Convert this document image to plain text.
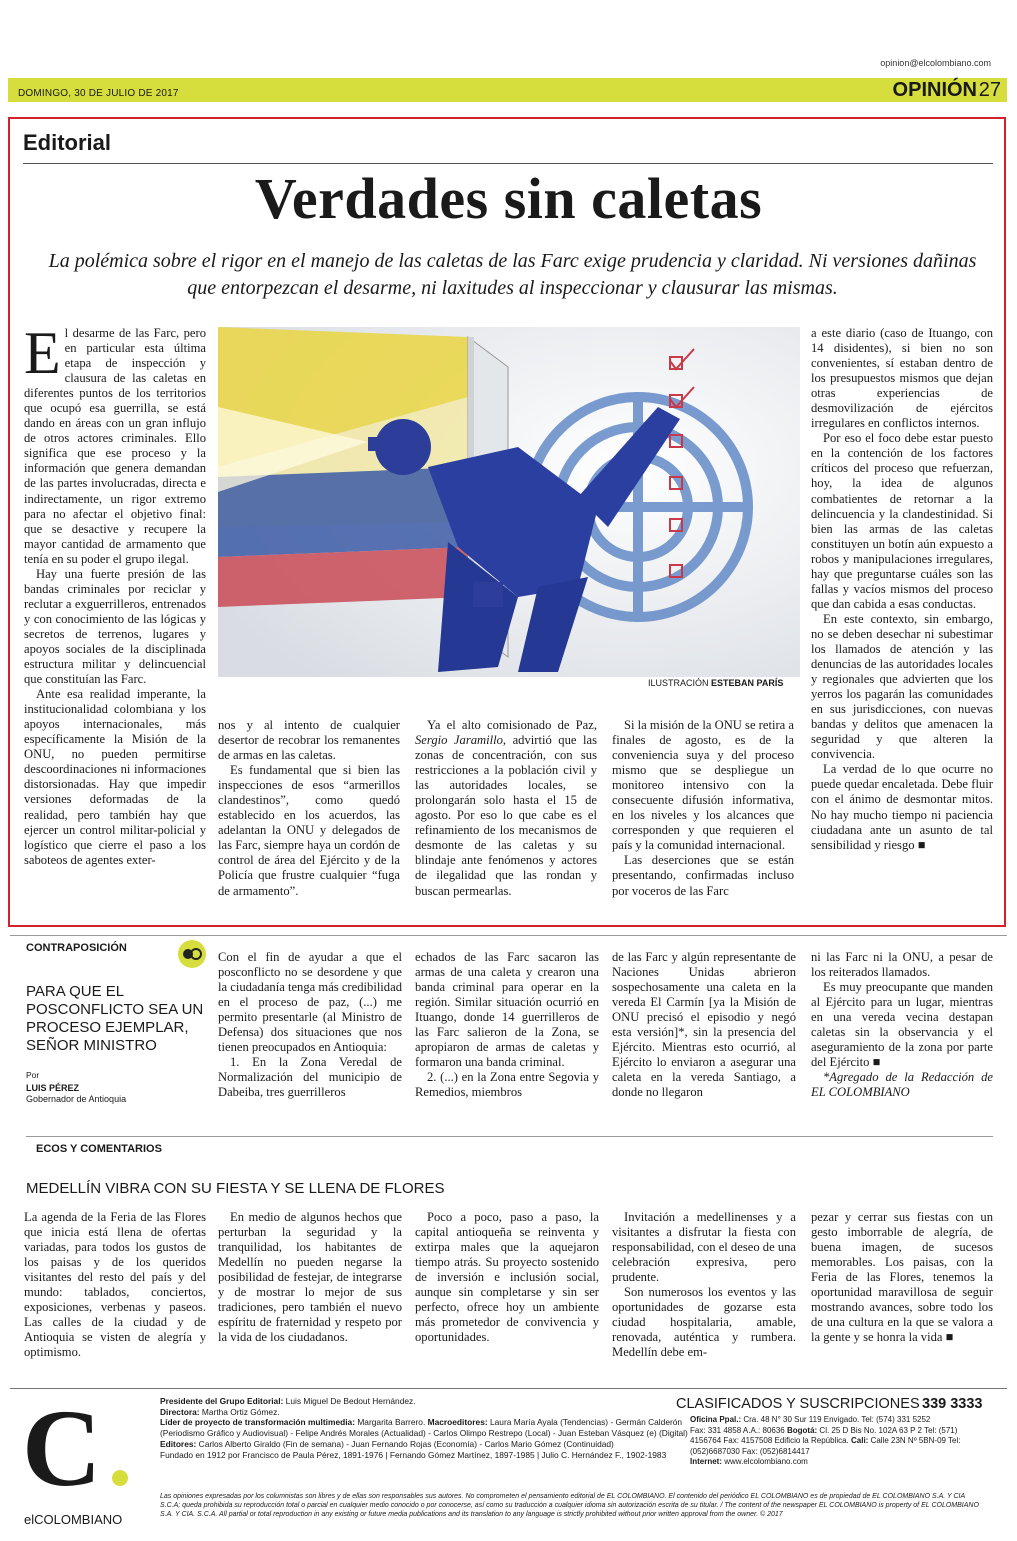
opinion@elcolombiano.com
DOMINGO, 30 DE JULIO DE 2017	OPINIÓN 27
Editorial
Verdades sin caletas
La polémica sobre el rigor en el manejo de las caletas de las Farc exige prudencia y claridad. Ni versiones dañinas que entorpezcan el desarme, ni laxitudes al inspeccionar y clausurar las mismas.

El desarme de las Farc, pero en particular esta última etapa de inspección y clausura de las caletas en diferentes puntos de los territorios que ocupó esa guerrilla, se está dando en áreas con un gran influjo de otros actores criminales. Ello significa que ese proceso y la información que genera demandan de las partes involucradas, directa e indirectamente, un rigor extremo para no afectar el objetivo final: que se desactive y recupere la mayor cantidad de armamento que tenía en su poder el grupo ilegal.

Hay una fuerte presión de las bandas criminales por reciclar y reclutar a exguerrilleros, entrenados y con conocimiento de las lógicas y secretos de terrenos, lugares y apoyos sociales de la disciplinada estructura militar y delincuencial que constituían las Farc.

Ante esa realidad imperante, la institucionalidad colombiana y los apoyos internacionales, más específicamente la Misión de la ONU, no pueden permitirse descoordinaciones ni informaciones distorsionadas. Hay que impedir versiones deformadas de la realidad, pero también hay que ejercer un control militar-policial y logístico que cierre el paso a los saboteos de agentes exter-

ILUSTRACIÓN ESTEBAN PARÍS

nos y al intento de cualquier desertor de recobrar los remanentes de armas en las caletas.

Es fundamental que si bien las inspecciones de esos “armerillos clandestinos”, como quedó establecido en los acuerdos, las adelantan la ONU y delegados de las Farc, siempre haya un cordón de control de área del Ejército y de la Policía que frustre cualquier “fuga de armamento”.

Ya el alto comisionado de Paz, Sergio Jaramillo, advirtió que las zonas de concentración, con sus restricciones a la población civil y las autoridades locales, se prolongarán solo hasta el 15 de agosto. Por eso lo que cabe es el refinamiento de los mecanismos de desmonte de las caletas y su blindaje ante fenómenos y actores de ilegalidad que las rondan y buscan permearlas.

Si la misión de la ONU se retira a finales de agosto, es de la conveniencia suya y del proceso mismo que se despliegue un monitoreo intensivo con la consecuente difusión informativa, en los niveles y los alcances que corresponden y que requieren el país y la comunidad internacional.

Las deserciones que se están presentando, confirmadas incluso por voceros de las Farc

a este diario (caso de Ituango, con 14 disidentes), si bien no son convenientes, sí estaban dentro de los presupuestos mismos que dejan otras experiencias de desmovilización de ejércitos irregulares en conflictos internos.

Por eso el foco debe estar puesto en la contención de los factores críticos del proceso que refuerzan, hoy, la idea de algunos combatientes de retornar a la delincuencia y la clandestinidad. Si bien las armas de las caletas constituyen un botín aún expuesto a robos y manipulaciones irregulares, hay que preguntarse cuáles son las fallas y vacíos mismos del proceso que dan cabida a esas conductas.

En este contexto, sin embargo, no se deben desechar ni subestimar los llamados de atención y las denuncias de las autoridades locales y regionales que advierten que los yerros los pagarán las comunidades en sus jurisdicciones, con nuevas bandas y delitos que amenacen la seguridad y que alteren la convivencia.

La verdad de lo que ocurre no puede quedar encaletada. Debe fluir con el ánimo de desmontar mitos. No hay mucho tiempo ni paciencia ciudadana ante un asunto de tal sensibilidad y riesgo ■

CONTRAPOSICIÓN
PARA QUE EL POSCONFLICTO SEA UN PROCESO EJEMPLAR, SEÑOR MINISTRO
Por
LUIS PÉREZ
Gobernador de Antioquia

Con el fin de ayudar a que el posconflicto no se desordene y que la ciudadanía tenga más credibilidad en el proceso de paz, (...) me permito presentarle (al Ministro de Defensa) dos situaciones que nos tienen preocupados en Antioquia:

1. En la Zona Veredal de Normalización del municipio de Dabeiba, tres guerrilleros

echados de las Farc sacaron las armas de una caleta y crearon una banda criminal para operar en la región. Similar situación ocurrió en Ituango, donde 14 guerrilleros de las Farc salieron de la Zona, se apropiaron de armas de caletas y formaron una banda criminal.

2. (...) en la Zona entre Segovia y Remedios, miembros

de las Farc y algún representante de Naciones Unidas abrieron sospechosamente una caleta en la vereda El Carmín [ya la Misión de ONU precisó el episodio y negó esta versión]*, sin la presencia del Ejército. Mientras esto ocurrió, al Ejército lo enviaron a asegurar una caleta en la vereda Santiago, a donde no llegaron

ni las Farc ni la ONU, a pesar de los reiterados llamados.

Es muy preocupante que manden al Ejército para un lugar, mientras en una vereda vecina destapan caletas sin la observancia y el aseguramiento de la zona por parte del Ejército ■

*Agregado de la Redacción de EL COLOMBIANO

ECOS Y COMENTARIOS
MEDELLÍN VIBRA CON SU FIESTA Y SE LLENA DE FLORES

La agenda de la Feria de las Flores que inicia está llena de ofertas variadas, para todos los gustos de los paisas y de los queridos visitantes del resto del país y del mundo: tablados, conciertos, exposiciones, verbenas y paseos. Las calles de la ciudad y de Antioquia se visten de alegría y optimismo.

En medio de algunos hechos que perturban la seguridad y la tranquilidad, los habitantes de Medellín no pueden negarse la posibilidad de festejar, de integrarse y de mostrar lo mejor de sus tradiciones, pero también el nuevo espíritu de fraternidad y respeto por la vida de los ciudadanos.

Poco a poco, paso a paso, la capital antioqueña se reinventa y extirpa males que la aquejaron tiempo atrás. Su proyecto sostenido de inversión e inclusión social, aunque sin completarse y sin ser perfecto, ofrece hoy un ambiente más prometedor de convivencia y oportunidades.

Invitación a medellinenses y a visitantes a disfrutar la fiesta con responsabilidad, con el deseo de una celebración expresiva, pero prudente.

Son numerosos los eventos y las oportunidades de gozarse esta ciudad hospitalaria, amable, renovada, auténtica y rumbera. Medellín debe em-

pezar y cerrar sus fiestas con un gesto imborrable de alegría, de buena imagen, de sucesos memorables. Los paisas, con la Feria de las Flores, tenemos la oportunidad maravillosa de seguir mostrando avances, sobre todo los de una cultura en la que se valora a la gente y se honra la vida ■

C
elCOLOMBIANO
Presidente del Grupo Editorial: Luis Miguel De Bedout Hernández.
Directora: Martha Ortiz Gómez.
Líder de proyecto de transformación multimedia: Margarita Barrero. Macroeditores: Laura María Ayala (Tendencias) - Germán Calderón
(Periodismo Gráfico y Audiovisual) - Felipe Andrés Morales (Actualidad) - Carlos Olimpo Restrepo (Local) - Juan Esteban Vásquez (e) (Digital)
Editores: Carlos Alberto Giraldo (Fin de semana) - Juan Fernando Rojas (Economía) - Carlos Mario Gómez (Continuidad)
Fundado en 1912 por Francisco de Paula Pérez, 1891-1976 | Fernando Gómez Martínez, 1897-1985 | Julio C. Hernández F., 1902-1983
CLASIFICADOS Y SUSCRIPCIONES 339 3333
Oficina Ppal.: Cra. 48 N° 30 Sur 119 Envigado. Tel: (574) 331 5252
Fax: 331 4858 A.A.: 80636 Bogotá: Cl. 25 D Bis No. 102A 63 P 2 Tel: (571)
4156764 Fax: 4157508 Edificio la República. Cali: Calle 23N Nº 5BN-09 Tel:
(052)6687030 Fax: (052)6814417
Internet: www.elcolombiano.com
Las opiniones expresadas por los columnistas son libres y de ellas son responsables sus autores. No comprometen el pensamiento editorial de EL COLOMBIANO. El contenido del periódico EL COLOMBIANO es de propiedad de EL COLOMBIANO S.A. Y CIA S.C.A; queda prohibida su reproducción total o parcial en cualquier medio conocido o por conocerse, así como su traducción a cualquier idioma sin autorización escrita de su titular. / The content of the newspaper EL COLOMBIANO is property of EL COLOMBIANO S.A. Y CIA. S.C.A. All partial or total reproduction in any existing or future media publications and its translation to any language is strictly prohibited without prior written approval from the owner. © 2017
